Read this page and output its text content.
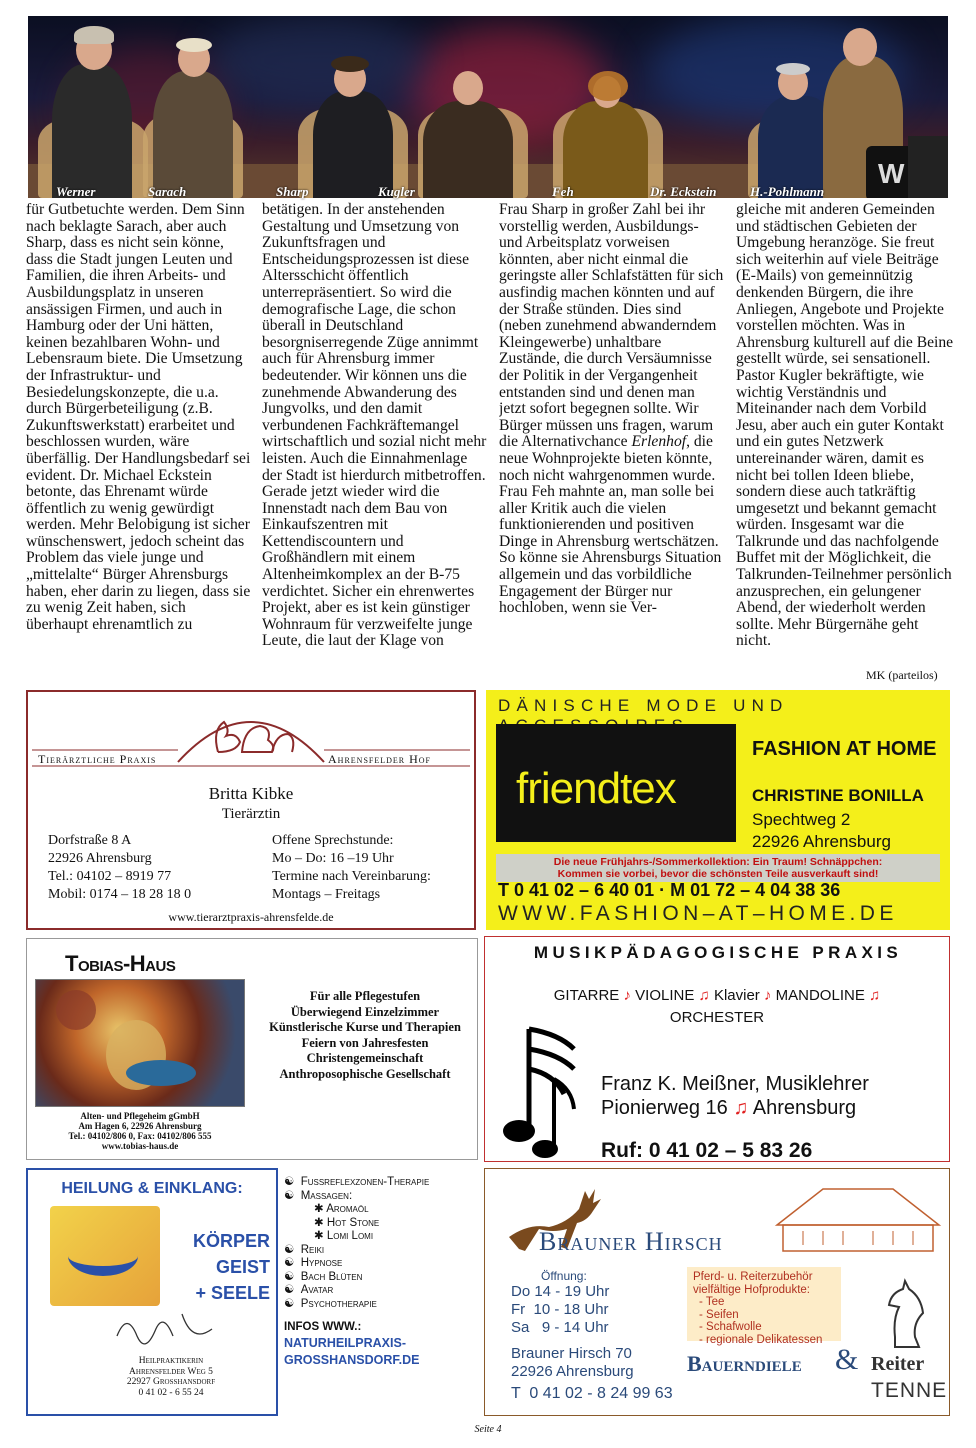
W
Werner	Sarach	Sharp	Kugler	Feh	Dr. Eckstein	H.-Pohlmann

für Gutbetuchte werden. Dem Sinn nach beklagte Sarach, aber auch Sharp, dass es nicht sein könne, dass die Stadt jungen Leuten und Familien, die ihren Arbeits- und Ausbildungsplatz in unseren ansässigen Firmen, und auch in Hamburg oder der Uni hätten, keinen bezahlbaren Wohn- und Lebensraum biete. Die Umsetzung der Infrastruktur- und Besiedelungskonzepte, die u.a. durch Bürgerbeteiligung (z.B. Zukunftswerkstatt) erarbeitet und beschlossen wurden, wäre überfällig. Der Handlungsbedarf sei evident. Dr. Michael Eckstein betonte, das Ehrenamt würde öffentlich zu wenig gewürdigt werden. Mehr Belobigung ist sicher wünschenswert, jedoch scheint das Problem das viele junge und „mittelalte“ Bürger Ahrensburgs haben, eher darin zu liegen, dass sie zu wenig Zeit haben, sich überhaupt ehrenamtlich zu

betätigen. In der anstehenden Gestaltung und Umsetzung von Zukunftsfragen und Entscheidungsprozessen ist diese Altersschicht öffentlich unterrepräsentiert. So wird die demografische Lage, die schon überall in Deutschland besorgniserregende Züge annimmt auch für Ahrensburg immer bedeutender. Wir können uns die zunehmende Abwanderung des Jungvolks, und den damit verbundenen Fachkräftemangel wirtschaftlich und sozial nicht mehr leisten. Auch die Einnahmenlage der Stadt ist hierdurch mitbetroffen. Gerade jetzt wieder wird die Innenstadt nach dem Bau von Einkaufszentren mit Kettendiscountern und Großhändlern mit einem Altenheimkomplex an der B-75 verdichtet. Sicher ein ehrenwertes Projekt, aber es ist kein günstiger Wohnraum für verzweifelte junge Leute, die laut der Klage von

Frau Sharp in großer Zahl bei ihr vorstellig werden, Ausbildungs- und Arbeitsplatz vorweisen könnten, aber nicht einmal die geringste aller Schlafstätten für sich ausfindig machen könnten und auf der Straße stünden. Dies sind (neben zunehmend abwanderndem Kleingewerbe) unhaltbare Zustände, die durch Versäumnisse der Politik in der Vergangenheit entstanden sind und denen man jetzt sofort begegnen sollte. Wir Bürger müssen uns fragen, warum die Alternativchance Erlenhof, die neue Wohnprojekte bieten könnte, noch nicht wahrgenommen wurde. Frau Feh mahnte an, man solle bei aller Kritik auch die vielen funktionierenden und positiven Dinge in Ahrensburg wertschätzen. So könne sie Ahrensburgs Situation allgemein und das vorbildliche Engagement der Bürger nur hochloben, wenn sie Ver-

gleiche mit anderen Gemeinden und städtischen Gebieten der Umgebung heranzöge. Sie freut sich weiterhin auf viele Beiträge (E-Mails) von gemeinnützig denkenden Bürgern, die ihre Anliegen, Angebote und Projekte vorstellen möchten. Was in Ahrensburg kulturell auf die Beine gestellt würde, sei sensationell. Pastor Kugler bekräftigte, wie wichtig Verständnis und Miteinander nach dem Vorbild Jesu, aber auch ein guter Kontakt und ein gutes Netzwerk untereinander wären, damit es nicht bei tollen Ideen bliebe, sondern diese auch tatkräftig umgesetzt und bekannt gemacht würden. Insgesamt war die Talkrunde und das nachfolgende Buffet mit der Möglichkeit, die Talkrunden-Teilnehmer persönlich anzusprechen, ein gelungener Abend, der wiederholt werden sollte. Mehr Bürgernähe geht nicht.

MK (parteilos)
Tierärztliche Praxis	Ahrensfelder Hof
Britta Kibke
Tierärztin
Dorfstraße 8 A
22926 Ahrensburg
Tel.: 04102 – 8919 77
Mobil: 0174 – 18 28 18 0
Offene Sprechstunde:
Mo – Do: 16 –19 Uhr
Termine nach Vereinbarung:
Montags – Freitags
www.tierarztpraxis-ahrensfelde.de
DÄNISCHE MODE UND
friendtex
FASHION AT HOME
CHRISTINE BONILLA
Spechtweg 2
22926 Ahrensburg
Die neue Frühjahrs-/Sommerkollektion: Ein Traum! Schnäppchen:
Kommen sie vorbei, bevor die schönsten Teile ausverkauft sind!
T 0 41 02 – 6 40 01 · M 01 72 – 4 04 38 36
WWW.FASHION–AT–HOME.DE
Tobias-Haus
Für alle Pflegestufen
Überwiegend Einzelzimmer
Künstlerische Kurse und Therapien
Feiern von Jahresfesten
Christengemeinschaft
Anthroposophische Gesellschaft
Alten- und Pflegeheim gGmbH
Am Hagen 6, 22926 Ahrensburg
Tel.: 04102/806 0, Fax: 04102/806 555
www.tobias-haus.de
MUSIKPÄDAGOGISCHE PRAXIS
GITARRE ♪ VIOLINE ♫ Klavier ♪ MANDOLINE ♫
ORCHESTER
Franz K. Meißner, Musiklehrer
Pionierweg 16 ♫ Ahrensburg
Ruf: 0 41 02 – 5 83 26
HEILUNG & EINKLANG:
KÖRPER
GEIST
+ SEELE
Heilpraktikerin
Ahrensfelder Weg 5
22927 Großhansdorf
0 41 02 - 6 55 24
☯  Fußreflexzonen-Therapie
☯  Massagen:
✱ Aromaöl
✱ Hot Stone
✱ Lomi Lomi
☯  Reiki
☯  Hypnose
☯  Bach Blüten
☯  Avatar
☯  Psychotherapie
INFOS WWW.:
NATURHEILPRAXIS-
GROSSHANSDORF.DE
Brauner Hirsch
Öffnung:
Do 14 - 19 Uhr
Fr  10 - 18 Uhr
Sa   9 - 14 Uhr
Pferd- u. Reiterzubehör
vielfältige Hofprodukte:
- Tee
- Seifen
- Schafwolle
- regionale Delikatessen
Brauner Hirsch 70
22926 Ahrensburg
T  0 41 02 - 8 24 99 63
Bauerndiele & Reiter
TENNE
Seite 4
